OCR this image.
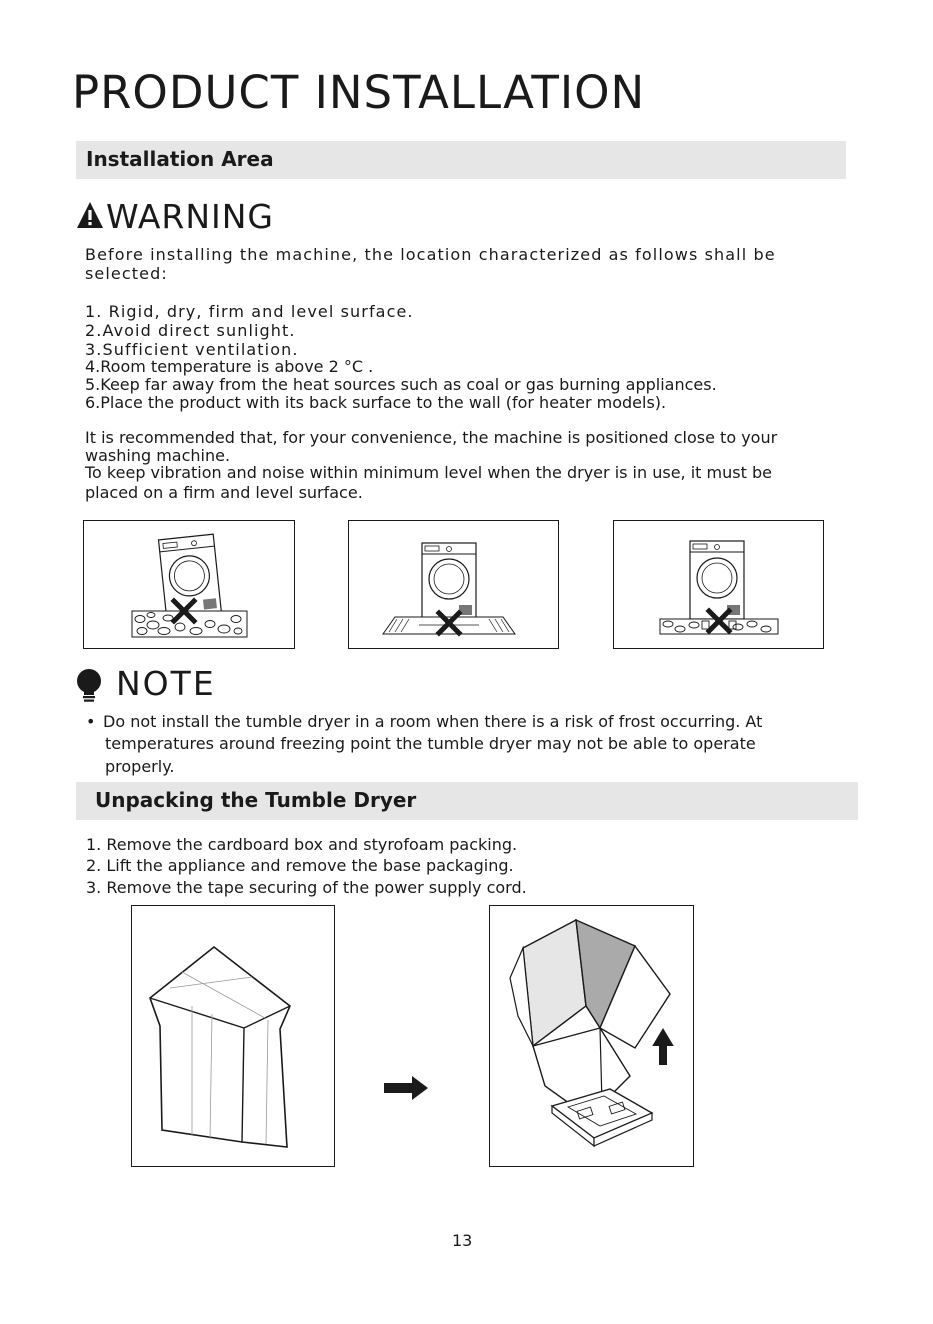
PRODUCT INSTALLATION
Installation Area
WARNING
Before installing the machine, the location characterized as follows shall be
selected:
1. Rigid, dry, firm and level surface.
2.Avoid direct sunlight.
3.Sufficient ventilation.
4.Room temperature is above 2 °C .
5.Keep far away from the heat sources such as coal or gas burning appliances.
6.Place the product with its back surface to the wall (for heater models).
It is recommended that, for your convenience, the machine is positioned close to your
washing machine.
To keep vibration and noise within minimum level when the dryer is in use, it must be
placed on a firm and level surface.
NOTE
• Do not install the tumble dryer in a room when there is a risk of frost occurring. At
temperatures around freezing point the tumble dryer may not be able to operate
properly.
Unpacking the Tumble Dryer
1. Remove the cardboard box and styrofoam packing.
2. Lift the appliance and remove the base packaging.
3. Remove the tape securing of the power supply cord.
13
